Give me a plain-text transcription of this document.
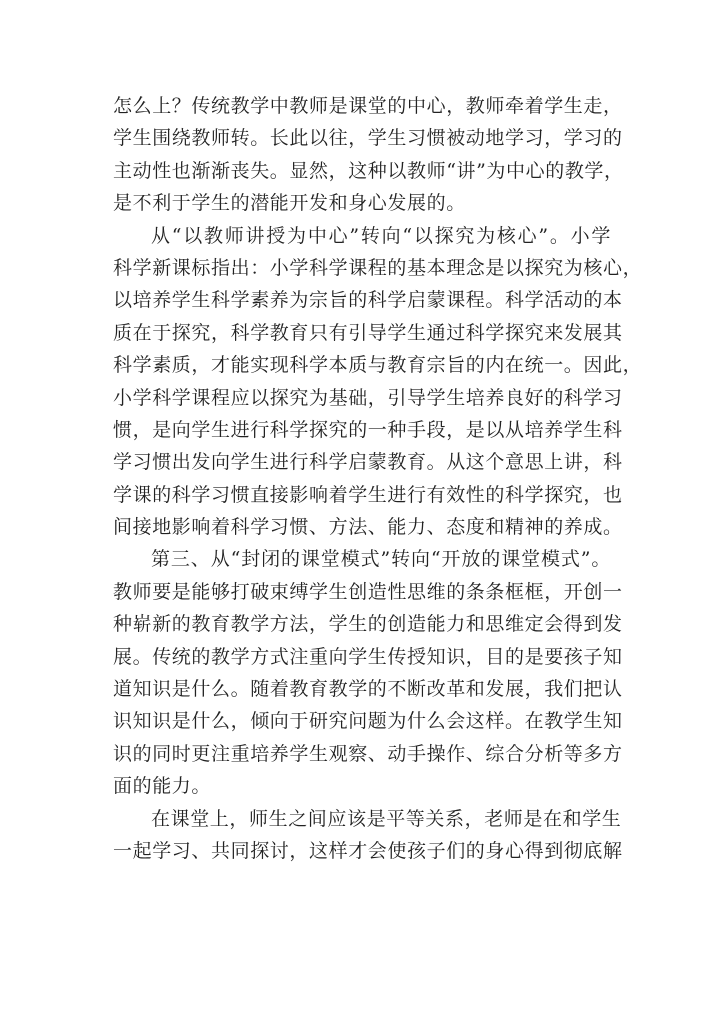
怎么上？传统教学中教师是课堂的中心，教师牵着学生走，
学生围绕教师转。长此以往，学生习惯被动地学习，学习的
主动性也渐渐丧失。显然，这种以教师“讲”为中心的教学，
是不利于学生的潜能开发和身心发展的。
从“以教师讲授为中心”转向“以探究为核心”。小学
科学新课标指出：小学科学课程的基本理念是以探究为核心，
以培养学生科学素养为宗旨的科学启蒙课程。科学活动的本
质在于探究，科学教育只有引导学生通过科学探究来发展其
科学素质，才能实现科学本质与教育宗旨的内在统一。因此，
小学科学课程应以探究为基础，引导学生培养良好的科学习
惯，是向学生进行科学探究的一种手段，是以从培养学生科
学习惯出发向学生进行科学启蒙教育。从这个意思上讲，科
学课的科学习惯直接影响着学生进行有效性的科学探究，也
间接地影响着科学习惯、方法、能力、态度和精神的养成。
第三、从“封闭的课堂模式”转向“开放的课堂模式”。
教师要是能够打破束缚学生创造性思维的条条框框，开创一
种崭新的教育教学方法，学生的创造能力和思维定会得到发
展。传统的教学方式注重向学生传授知识，目的是要孩子知
道知识是什么。随着教育教学的不断改革和发展，我们把认
识知识是什么，倾向于研究问题为什么会这样。在教学生知
识的同时更注重培养学生观察、动手操作、综合分析等多方
面的能力。
在课堂上，师生之间应该是平等关系，老师是在和学生
一起学习、共同探讨，这样才会使孩子们的身心得到彻底解
